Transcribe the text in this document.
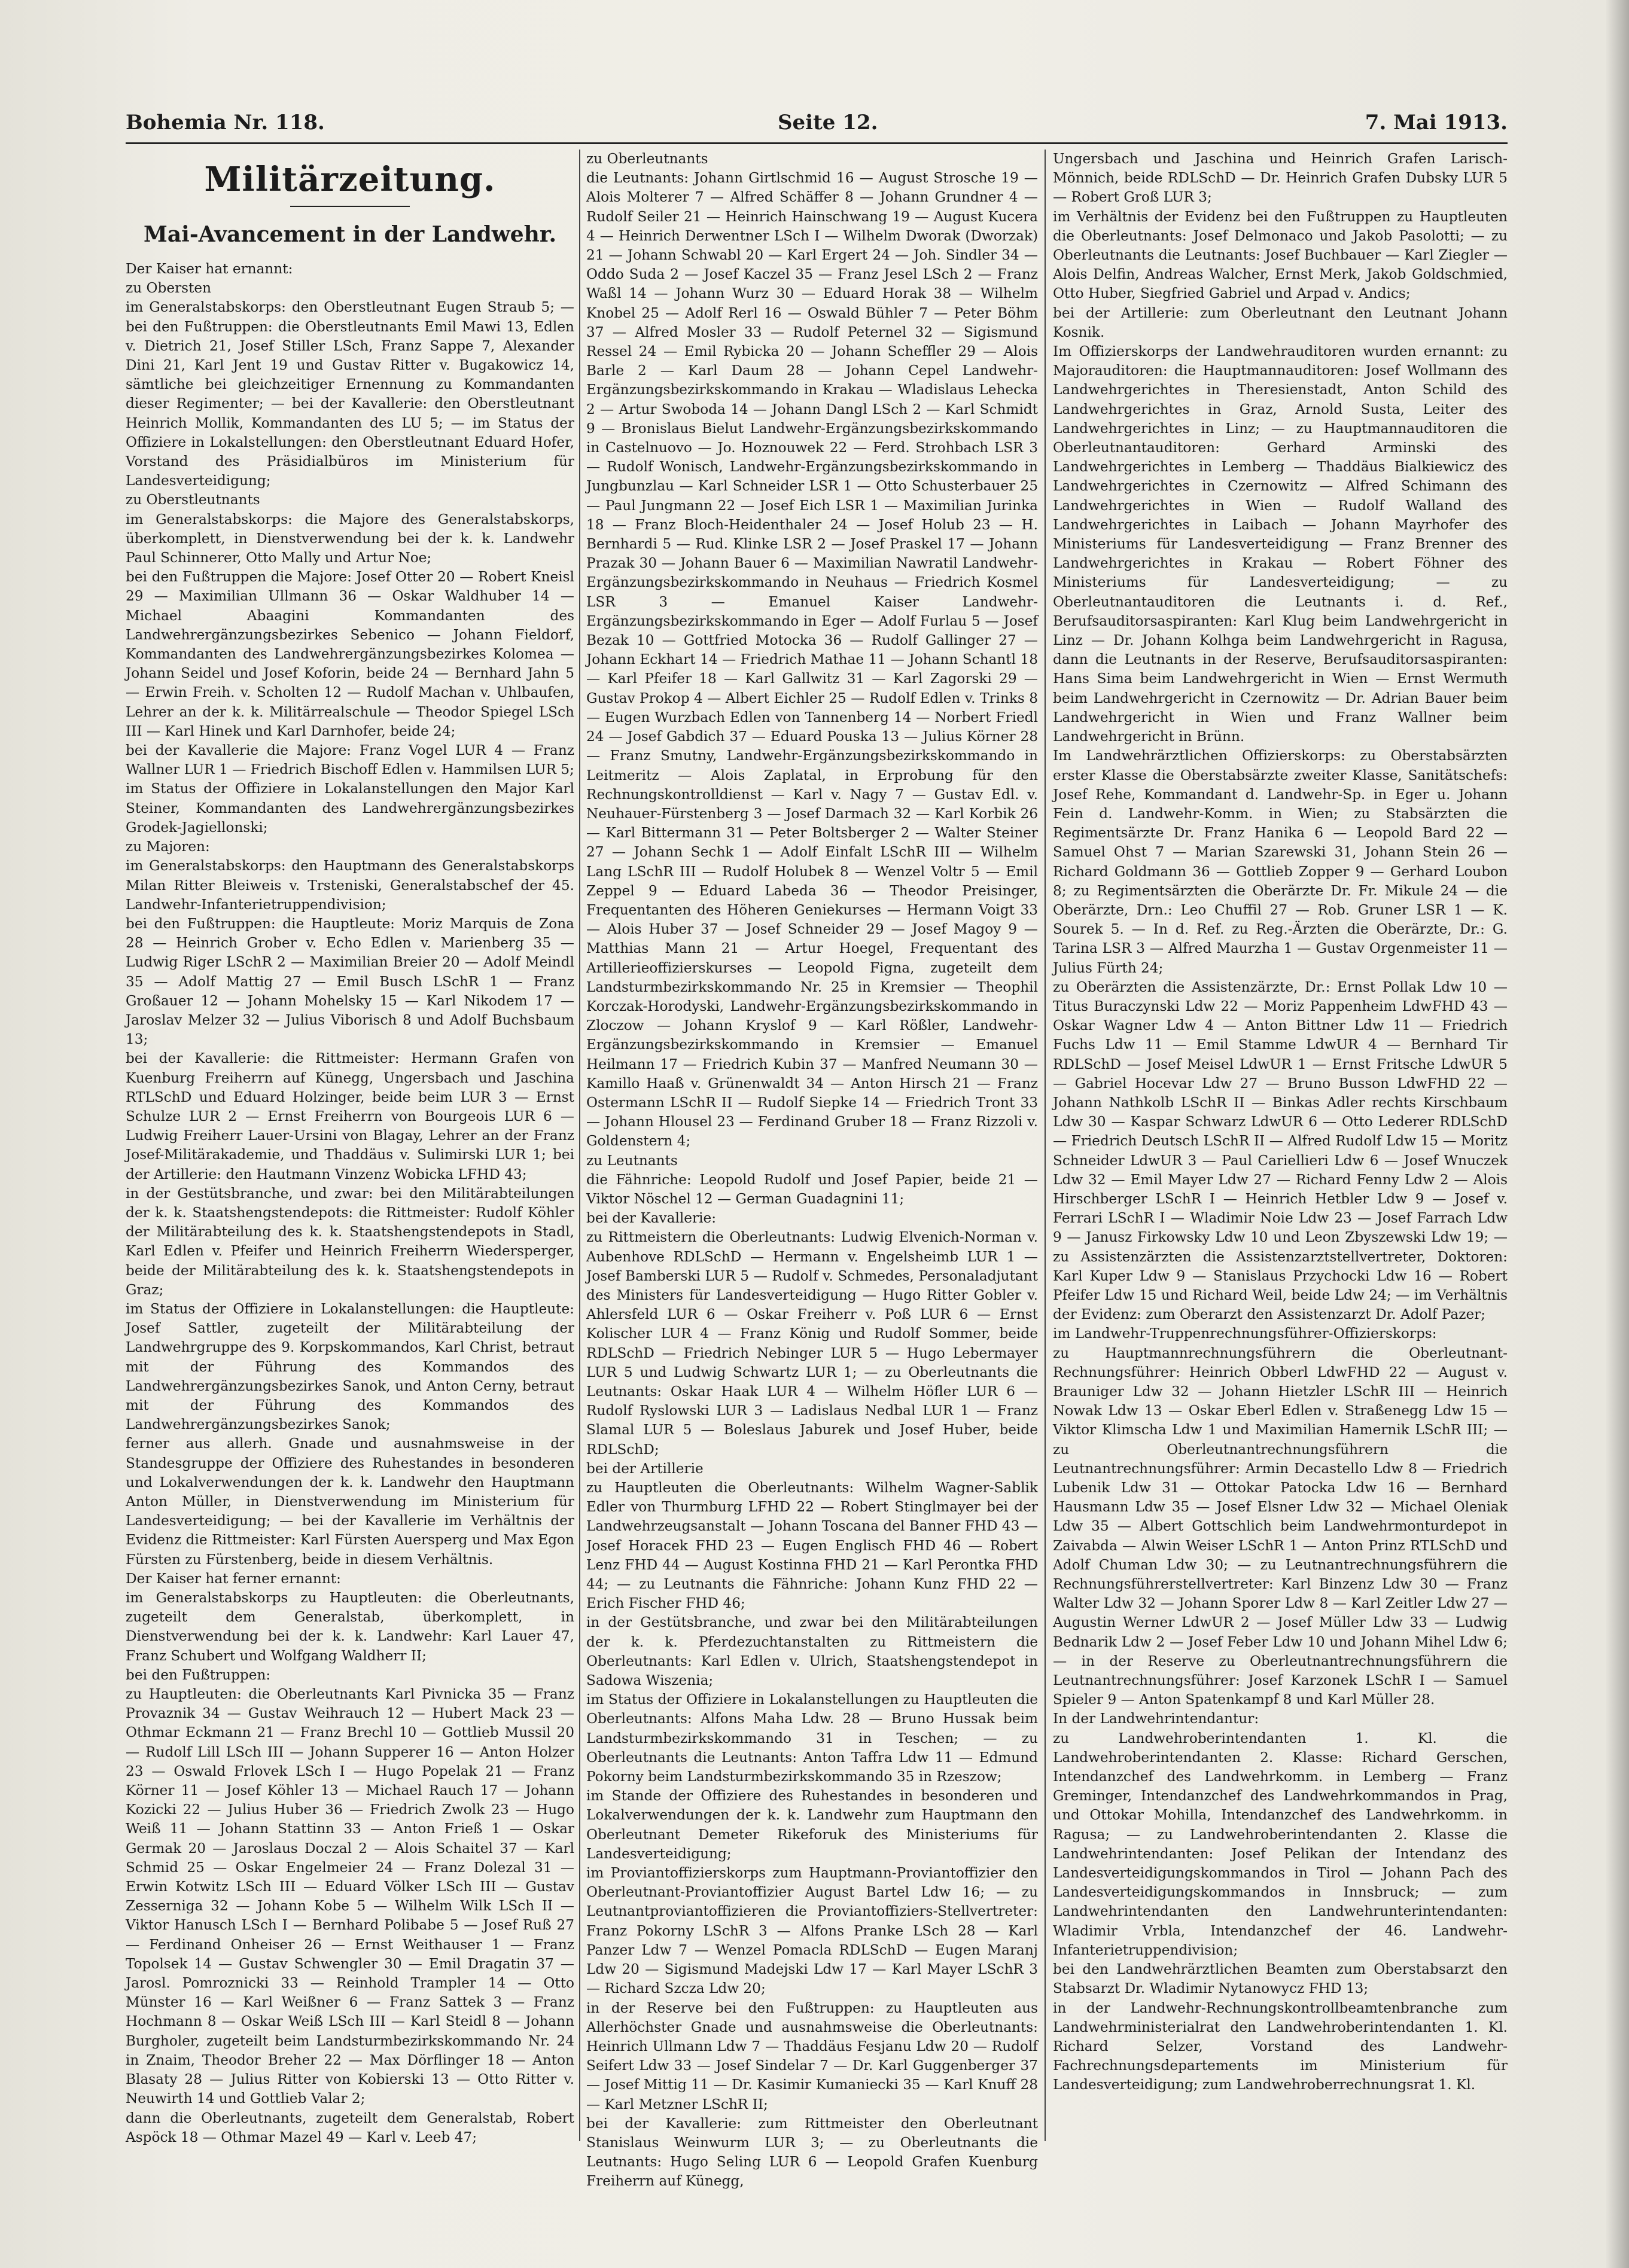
Bohemia Nr. 118.	Seite 12.	7. Mai 1913.
Militärzeitung.
Mai-Avancement in der Landwehr.

Der Kaiser hat ernannt:

zu Obersten

im Generalstabskorps: den Oberstleutnant Eugen Straub 5; — bei den Fußtruppen: die Oberstleutnants Emil Mawi 13, Edlen v. Dietrich 21, Josef Stiller LSch, Franz Sappe 7, Alexander Dini 21, Karl Jent 19 und Gustav Ritter v. Bugakowicz 14, sämtliche bei gleichzeitiger Ernennung zu Kommandanten dieser Regimenter; — bei der Kavallerie: den Oberstleutnant Heinrich Mollik, Kommandanten des LU 5; — im Status der Offiziere in Lokalstellungen: den Oberstleutnant Eduard Hofer, Vorstand des Präsidialbüros im Ministerium für Landesverteidigung;

zu Oberstleutnants

im Generalstabskorps: die Majore des Generalstabskorps, überkomplett, in Dienstverwendung bei der k. k. Landwehr Paul Schinnerer, Otto Mally und Artur Noe;

bei den Fußtruppen die Majore: Josef Otter 20 — Robert Kneisl 29 — Maximilian Ullmann 36 — Oskar Waldhuber 14 — Michael Abaagini Kommandanten des Landwehrergänzungsbezirkes Sebenico — Johann Fieldorf, Kommandanten des Landwehrergänzungsbezirkes Kolomea — Johann Seidel und Josef Koforin, beide 24 — Bernhard Jahn 5 — Erwin Freih. v. Scholten 12 — Rudolf Machan v. Uhlbaufen, Lehrer an der k. k. Militärrealschule — Theodor Spiegel LSch III — Karl Hinek und Karl Darnhofer, beide 24;

bei der Kavallerie die Majore: Franz Vogel LUR 4 — Franz Wallner LUR 1 — Friedrich Bischoff Edlen v. Hammilsen LUR 5;

im Status der Offiziere in Lokalanstellungen den Major Karl Steiner, Kommandanten des Landwehrergänzungsbezirkes Grodek-Jagiellonski;

zu Majoren:

im Generalstabskorps: den Hauptmann des Generalstabskorps Milan Ritter Bleiweis v. Trsteniski, Generalstabschef der 45. Landwehr-Infanterietruppendivision;

bei den Fußtruppen: die Hauptleute: Moriz Marquis de Zona 28 — Heinrich Grober v. Echo Edlen v. Marienberg 35 — Ludwig Riger LSchR 2 — Maximilian Breier 20 — Adolf Meindl 35 — Adolf Mattig 27 — Emil Busch LSchR 1 — Franz Großauer 12 — Johann Mohelsky 15 — Karl Nikodem 17 — Jaroslav Melzer 32 — Julius Viborisch 8 und Adolf Buchsbaum 13;

bei der Kavallerie: die Rittmeister: Hermann Grafen von Kuenburg Freiherrn auf Künegg, Ungersbach und Jaschina RTLSchD und Eduard Holzinger, beide beim LUR 3 — Ernst Schulze LUR 2 — Ernst Freiherrn von Bourgeois LUR 6 — Ludwig Freiherr Lauer-Ursini von Blagay, Lehrer an der Franz Josef-Militärakademie, und Thaddäus v. Sulimirski LUR 1; bei der Artillerie: den Hautmann Vinzenz Wobicka LFHD 43;

in der Gestütsbranche, und zwar: bei den Militärabteilungen der k. k. Staatshengstendepots: die Rittmeister: Rudolf Köhler der Militärabteilung des k. k. Staatshengstendepots in Stadl, Karl Edlen v. Pfeifer und Heinrich Freiherrn Wiedersperger, beide der Militärabteilung des k. k. Staatshengstendepots in Graz;

im Status der Offiziere in Lokalanstellungen: die Hauptleute: Josef Sattler, zugeteilt der Militärabteilung der Landwehrgruppe des 9. Korpskommandos, Karl Christ, betraut mit der Führung des Kommandos des Landwehrergänzungsbezirkes Sanok, und Anton Cerny, betraut mit der Führung des Kommandos des Landwehrergänzungsbezirkes Sanok;

ferner aus allerh. Gnade und ausnahmsweise in der Standesgruppe der Offiziere des Ruhestandes in besonderen und Lokalverwendungen der k. k. Landwehr den Hauptmann Anton Müller, in Dienstverwendung im Ministerium für Landesverteidigung; — bei der Kavallerie im Verhältnis der Evidenz die Rittmeister: Karl Fürsten Auersperg und Max Egon Fürsten zu Fürstenberg, beide in diesem Verhältnis.

Der Kaiser hat ferner ernannt:

im Generalstabskorps zu Hauptleuten: die Oberleutnants, zugeteilt dem Generalstab, überkomplett, in Dienstverwendung bei der k. k. Landwehr: Karl Lauer 47, Franz Schubert und Wolfgang Waldherr II;

bei den Fußtruppen:

zu Hauptleuten: die Oberleutnants Karl Pivnicka 35 — Franz Provaznik 34 — Gustav Weihrauch 12 — Hubert Mack 23 — Othmar Eckmann 21 — Franz Brechl 10 — Gottlieb Mussil 20 — Rudolf Lill LSch III — Johann Supperer 16 — Anton Holzer 23 — Oswald Frlovek LSch I — Hugo Popelak 21 — Franz Körner 11 — Josef Köhler 13 — Michael Rauch 17 — Johann Kozicki 22 — Julius Huber 36 — Friedrich Zwolk 23 — Hugo Weiß 11 — Johann Stattinn 33 — Anton Frieß 1 — Oskar Germak 20 — Jaroslaus Doczal 2 — Alois Schaitel 37 — Karl Schmid 25 — Oskar Engelmeier 24 — Franz Dolezal 31 — Erwin Kotwitz LSch III — Eduard Völker LSch III — Gustav Zesserniga 32 — Johann Kobe 5 — Wilhelm Wilk LSch II — Viktor Hanusch LSch I — Bernhard Polibabe 5 — Josef Ruß 27 — Ferdinand Onheiser 26 — Ernst Weithauser 1 — Franz Topolsek 14 — Gustav Schwengler 30 — Emil Dragatin 37 — Jarosl. Pomroznicki 33 — Reinhold Trampler 14 — Otto Münster 16 — Karl Weißner 6 — Franz Sattek 3 — Franz Hochmann 8 — Oskar Weiß LSch III — Karl Steidl 8 — Johann Burgholer, zugeteilt beim Landsturmbezirkskommando Nr. 24 in Znaim, Theodor Breher 22 — Max Dörflinger 18 — Anton Blasaty 28 — Julius Ritter von Kobierski 13 — Otto Ritter v. Neuwirth 14 und Gottlieb Valar 2;

dann die Oberleutnants, zugeteilt dem Generalstab, Robert Aspöck 18 — Othmar Mazel 49 — Karl v. Leeb 47;

zu Oberleutnants

die Leutnants: Johann Girtlschmid 16 — August Strosche 19 — Alois Molterer 7 — Alfred Schäffer 8 — Johann Grundner 4 — Rudolf Seiler 21 — Heinrich Hainschwang 19 — August Kucera 4 — Heinrich Derwentner LSch I — Wilhelm Dworak (Dworzak) 21 — Johann Schwabl 20 — Karl Ergert 24 — Joh. Sindler 34 — Oddo Suda 2 — Josef Kaczel 35 — Franz Jesel LSch 2 — Franz Waßl 14 — Johann Wurz 30 — Eduard Horak 38 — Wilhelm Knobel 25 — Adolf Rerl 16 — Oswald Bühler 7 — Peter Böhm 37 — Alfred Mosler 33 — Rudolf Peternel 32 — Sigismund Ressel 24 — Emil Rybicka 20 — Johann Scheffler 29 — Alois Barle 2 — Karl Daum 28 — Johann Cepel Landwehr-Ergänzungsbezirkskommando in Krakau — Wladislaus Lehecka 2 — Artur Swoboda 14 — Johann Dangl LSch 2 — Karl Schmidt 9 — Bronislaus Bielut Landwehr-Ergänzungsbezirkskommando in Castelnuovo — Jo. Hoznouwek 22 — Ferd. Strohbach LSR 3 — Rudolf Wonisch, Landwehr-Ergänzungsbezirkskommando in Jungbunzlau — Karl Schneider LSR 1 — Otto Schusterbauer 25 — Paul Jungmann 22 — Josef Eich LSR 1 — Maximilian Jurinka 18 — Franz Bloch-Heidenthaler 24 — Josef Holub 23 — H. Bernhardi 5 — Rud. Klinke LSR 2 — Josef Praskel 17 — Johann Prazak 30 — Johann Bauer 6 — Maximilian Nawratil Landwehr-Ergänzungsbezirkskommando in Neuhaus — Friedrich Kosmel LSR 3 — Emanuel Kaiser Landwehr-Ergänzungsbezirkskommando in Eger — Adolf Furlau 5 — Josef Bezak 10 — Gottfried Motocka 36 — Rudolf Gallinger 27 — Johann Eckhart 14 — Friedrich Mathae 11 — Johann Schantl 18 — Karl Pfeifer 18 — Karl Gallwitz 31 — Karl Zagorski 29 — Gustav Prokop 4 — Albert Eichler 25 — Rudolf Edlen v. Trinks 8 — Eugen Wurzbach Edlen von Tannenberg 14 — Norbert Friedl 24 — Josef Gabdich 37 — Eduard Pouska 13 — Julius Körner 28 — Franz Smutny, Landwehr-Ergänzungsbezirkskommando in Leitmeritz — Alois Zaplatal, in Erprobung für den Rechnungskontrolldienst — Karl v. Nagy 7 — Gustav Edl. v. Neuhauer-Fürstenberg 3 — Josef Darmach 32 — Karl Korbik 26 — Karl Bittermann 31 — Peter Boltsberger 2 — Walter Steiner 27 — Johann Sechk 1 — Adolf Einfalt LSchR III — Wilhelm Lang LSchR III — Rudolf Holubek 8 — Wenzel Voltr 5 — Emil Zeppel 9 — Eduard Labeda 36 — Theodor Preisinger, Frequentanten des Höheren Geniekurses — Hermann Voigt 33 — Alois Huber 37 — Josef Schneider 29 — Josef Magoy 9 — Matthias Mann 21 — Artur Hoegel, Frequentant des Artillerieoffizierskurses — Leopold Figna, zugeteilt dem Landsturmbezirkskommando Nr. 25 in Kremsier — Theophil Korczak-Horodyski, Landwehr-Ergänzungsbezirkskommando in Zloczow — Johann Kryslof 9 — Karl Rößler, Landwehr-Ergänzungsbezirkskommando in Kremsier — Emanuel Heilmann 17 — Friedrich Kubin 37 — Manfred Neumann 30 — Kamillo Haaß v. Grünenwaldt 34 — Anton Hirsch 21 — Franz Ostermann LSchR II — Rudolf Siepke 14 — Friedrich Tront 33 — Johann Hlousel 23 — Ferdinand Gruber 18 — Franz Rizzoli v. Goldenstern 4;

zu Leutnants

die Fähnriche: Leopold Rudolf und Josef Papier, beide 21 — Viktor Nöschel 12 — German Guadagnini 11;

bei der Kavallerie:

zu Rittmeistern die Oberleutnants: Ludwig Elvenich-Norman v. Aubenhove RDLSchD — Hermann v. Engelsheimb LUR 1 — Josef Bamberski LUR 5 — Rudolf v. Schmedes, Personaladjutant des Ministers für Landesverteidigung — Hugo Ritter Gobler v. Ahlersfeld LUR 6 — Oskar Freiherr v. Poß LUR 6 — Ernst Kolischer LUR 4 — Franz König und Rudolf Sommer, beide RDLSchD — Friedrich Nebinger LUR 5 — Hugo Lebermayer LUR 5 und Ludwig Schwartz LUR 1; — zu Oberleutnants die Leutnants: Oskar Haak LUR 4 — Wilhelm Höfler LUR 6 — Rudolf Ryslowski LUR 3 — Ladislaus Nedbal LUR 1 — Franz Slamal LUR 5 — Boleslaus Jaburek und Josef Huber, beide RDLSchD;

bei der Artillerie

zu Hauptleuten die Oberleutnants: Wilhelm Wagner-Sablik Edler von Thurmburg LFHD 22 — Robert Stinglmayer bei der Landwehrzeugsanstalt — Johann Toscana del Banner FHD 43 — Josef Horacek FHD 23 — Eugen Englisch FHD 46 — Robert Lenz FHD 44 — August Kostinna FHD 21 — Karl Perontka FHD 44; — zu Leutnants die Fähnriche: Johann Kunz FHD 22 — Erich Fischer FHD 46;

in der Gestütsbranche, und zwar bei den Militärabteilungen der k. k. Pferdezuchtanstalten zu Rittmeistern die Oberleutnants: Karl Edlen v. Ulrich, Staatshengstendepot in Sadowa Wiszenia;

im Status der Offiziere in Lokalanstellungen zu Hauptleuten die Oberleutnants: Alfons Maha Ldw. 28 — Bruno Hussak beim Landsturmbezirkskommando 31 in Teschen; — zu Oberleutnants die Leutnants: Anton Taffra Ldw 11 — Edmund Pokorny beim Landsturmbezirkskommando 35 in Rzeszow;

im Stande der Offiziere des Ruhestandes in besonderen und Lokalverwendungen der k. k. Landwehr zum Hauptmann den Oberleutnant Demeter Rikeforuk des Ministeriums für Landesverteidigung;

im Proviantoffizierskorps zum Hauptmann-Proviantoffizier den Oberleutnant-Proviantoffizier August Bartel Ldw 16; — zu Leutnantproviantoffizieren die Proviantoffiziers-Stellvertreter: Franz Pokorny LSchR 3 — Alfons Pranke LSch 28 — Karl Panzer Ldw 7 — Wenzel Pomacla RDLSchD — Eugen Maranj Ldw 20 — Sigismund Madejski Ldw 17 — Karl Mayer LSchR 3 — Richard Szcza Ldw 20;

in der Reserve bei den Fußtruppen: zu Hauptleuten aus Allerhöchster Gnade und ausnahmsweise die Oberleutnants: Heinrich Ullmann Ldw 7 — Thaddäus Fesjanu Ldw 20 — Rudolf Seifert Ldw 33 — Josef Sindelar 7 — Dr. Karl Guggenberger 37 — Josef Mittig 11 — Dr. Kasimir Kumaniecki 35 — Karl Knuff 28 — Karl Metzner LSchR II;

bei der Kavallerie: zum Rittmeister den Oberleutnant Stanislaus Weinwurm LUR 3; — zu Oberleutnants die Leutnants: Hugo Seling LUR 6 — Leopold Grafen Kuenburg Freiherrn auf Künegg,

Ungersbach und Jaschina und Heinrich Grafen Larisch-Mönnich, beide RDLSchD — Dr. Heinrich Grafen Dubsky LUR 5 — Robert Groß LUR 3;

im Verhältnis der Evidenz bei den Fußtruppen zu Hauptleuten die Oberleutnants: Josef Delmonaco und Jakob Pasolotti; — zu Oberleutnants die Leutnants: Josef Buchbauer — Karl Ziegler — Alois Delfin, Andreas Walcher, Ernst Merk, Jakob Goldschmied, Otto Huber, Siegfried Gabriel und Arpad v. Andics;

bei der Artillerie: zum Oberleutnant den Leutnant Johann Kosnik.

Im Offizierskorps der Landwehrauditoren wurden ernannt: zu Majorauditoren: die Hauptmannauditoren: Josef Wollmann des Landwehrgerichtes in Theresienstadt, Anton Schild des Landwehrgerichtes in Graz, Arnold Susta, Leiter des Landwehrgerichtes in Linz; — zu Hauptmannauditoren die Oberleutnantauditoren: Gerhard Arminski des Landwehrgerichtes in Lemberg — Thaddäus Bialkiewicz des Landwehrgerichtes in Czernowitz — Alfred Schimann des Landwehrgerichtes in Wien — Rudolf Walland des Landwehrgerichtes in Laibach — Johann Mayrhofer des Ministeriums für Landesverteidigung — Franz Brenner des Landwehrgerichtes in Krakau — Robert Föhner des Ministeriums für Landesverteidigung; — zu Oberleutnantauditoren die Leutnants i. d. Ref., Berufsauditorsaspiranten: Karl Klug beim Landwehrgericht in Linz — Dr. Johann Kolhga beim Landwehrgericht in Ragusa, dann die Leutnants in der Reserve, Berufsauditorsaspiranten: Hans Sima beim Landwehrgericht in Wien — Ernst Wermuth beim Landwehrgericht in Czernowitz — Dr. Adrian Bauer beim Landwehrgericht in Wien und Franz Wallner beim Landwehrgericht in Brünn.

Im Landwehrärztlichen Offizierskorps: zu Oberstabsärzten erster Klasse die Oberstabsärzte zweiter Klasse, Sanitätschefs: Josef Rehe, Kommandant d. Landwehr-Sp. in Eger u. Johann Fein d. Landwehr-Komm. in Wien; zu Stabsärzten die Regimentsärzte Dr. Franz Hanika 6 — Leopold Bard 22 — Samuel Ohst 7 — Marian Szarewski 31, Johann Stein 26 — Richard Goldmann 36 — Gottlieb Zopper 9 — Gerhard Loubon 8; zu Regimentsärzten die Oberärzte Dr. Fr. Mikule 24 — die Oberärzte, Drn.: Leo Chuffil 27 — Rob. Gruner LSR 1 — K. Sourek 5. — In d. Ref. zu Reg.-Ärzten die Oberärzte, Dr.: G. Tarina LSR 3 — Alfred Maurzha 1 — Gustav Orgenmeister 11 — Julius Fürth 24;

zu Oberärzten die Assistenzärzte, Dr.: Ernst Pollak Ldw 10 — Titus Buraczynski Ldw 22 — Moriz Pappenheim LdwFHD 43 — Oskar Wagner Ldw 4 — Anton Bittner Ldw 11 — Friedrich Fuchs Ldw 11 — Emil Stamme LdwUR 4 — Bernhard Tir RDLSchD — Josef Meisel LdwUR 1 — Ernst Fritsche LdwUR 5 — Gabriel Hocevar Ldw 27 — Bruno Busson LdwFHD 22 — Johann Nathkolb LSchR II — Binkas Adler rechts Kirschbaum Ldw 30 — Kaspar Schwarz LdwUR 6 — Otto Lederer RDLSchD — Friedrich Deutsch LSchR II — Alfred Rudolf Ldw 15 — Moritz Schneider LdwUR 3 — Paul Cariellieri Ldw 6 — Josef Wnuczek Ldw 32 — Emil Mayer Ldw 27 — Richard Fenny Ldw 2 — Alois Hirschberger LSchR I — Heinrich Hetbler Ldw 9 — Josef v. Ferrari LSchR I — Wladimir Noie Ldw 23 — Josef Farrach Ldw 9 — Janusz Firkowsky Ldw 10 und Leon Zbyszewski Ldw 19; — zu Assistenzärzten die Assistenzarztstellvertreter, Doktoren: Karl Kuper Ldw 9 — Stanislaus Przychocki Ldw 16 — Robert Pfeifer Ldw 15 und Richard Weil, beide Ldw 24; — im Verhältnis der Evidenz: zum Oberarzt den Assistenzarzt Dr. Adolf Pazer;

im Landwehr-Truppenrechnungsführer-Offizierskorps:

zu Hauptmannrechnungsführern die Oberleutnant-Rechnungsführer: Heinrich Obberl LdwFHD 22 — August v. Brauniger Ldw 32 — Johann Hietzler LSchR III — Heinrich Nowak Ldw 13 — Oskar Eberl Edlen v. Straßenegg Ldw 15 — Viktor Klimscha Ldw 1 und Maximilian Hamernik LSchR III; — zu Oberleutnantrechnungsführern die Leutnantrechnungsführer: Armin Decastello Ldw 8 — Friedrich Lubenik Ldw 31 — Ottokar Patocka Ldw 16 — Bernhard Hausmann Ldw 35 — Josef Elsner Ldw 32 — Michael Oleniak Ldw 35 — Albert Gottschlich beim Landwehrmonturdepot in Zaivabda — Alwin Weiser LSchR 1 — Anton Prinz RTLSchD und Adolf Chuman Ldw 30; — zu Leutnantrechnungsführern die Rechnungsführerstellvertreter: Karl Binzenz Ldw 30 — Franz Walter Ldw 32 — Johann Sporer Ldw 8 — Karl Zeitler Ldw 27 — Augustin Werner LdwUR 2 — Josef Müller Ldw 33 — Ludwig Bednarik Ldw 2 — Josef Feber Ldw 10 und Johann Mihel Ldw 6; — in der Reserve zu Oberleutnantrechnungsführern die Leutnantrechnungsführer: Josef Karzonek LSchR I — Samuel Spieler 9 — Anton Spatenkampf 8 und Karl Müller 28.

In der Landwehrintendantur:

zu Landwehroberintendanten 1. Kl. die Landwehroberintendanten 2. Klasse: Richard Gerschen, Intendanzchef des Landwehrkomm. in Lemberg — Franz Greminger, Intendanzchef des Landwehrkommandos in Prag, und Ottokar Mohilla, Intendanzchef des Landwehrkomm. in Ragusa; — zu Landwehroberintendanten 2. Klasse die Landwehrintendanten: Josef Pelikan der Intendanz des Landesverteidigungskommandos in Tirol — Johann Pach des Landesverteidigungskommandos in Innsbruck; — zum Landwehrintendanten den Landwehrunterintendanten: Wladimir Vrbla, Intendanzchef der 46. Landwehr-Infanterietruppendivision;

bei den Landwehrärztlichen Beamten zum Oberstabsarzt den Stabsarzt Dr. Wladimir Nytanowycz FHD 13;

in der Landwehr-Rechnungskontrollbeamtenbranche zum Landwehrministerialrat den Landwehroberintendanten 1. Kl. Richard Selzer, Vorstand des Landwehr-Fachrechnungsdepartements im Ministerium für Landesverteidigung; zum Landwehroberrechnungsrat 1. Kl.
